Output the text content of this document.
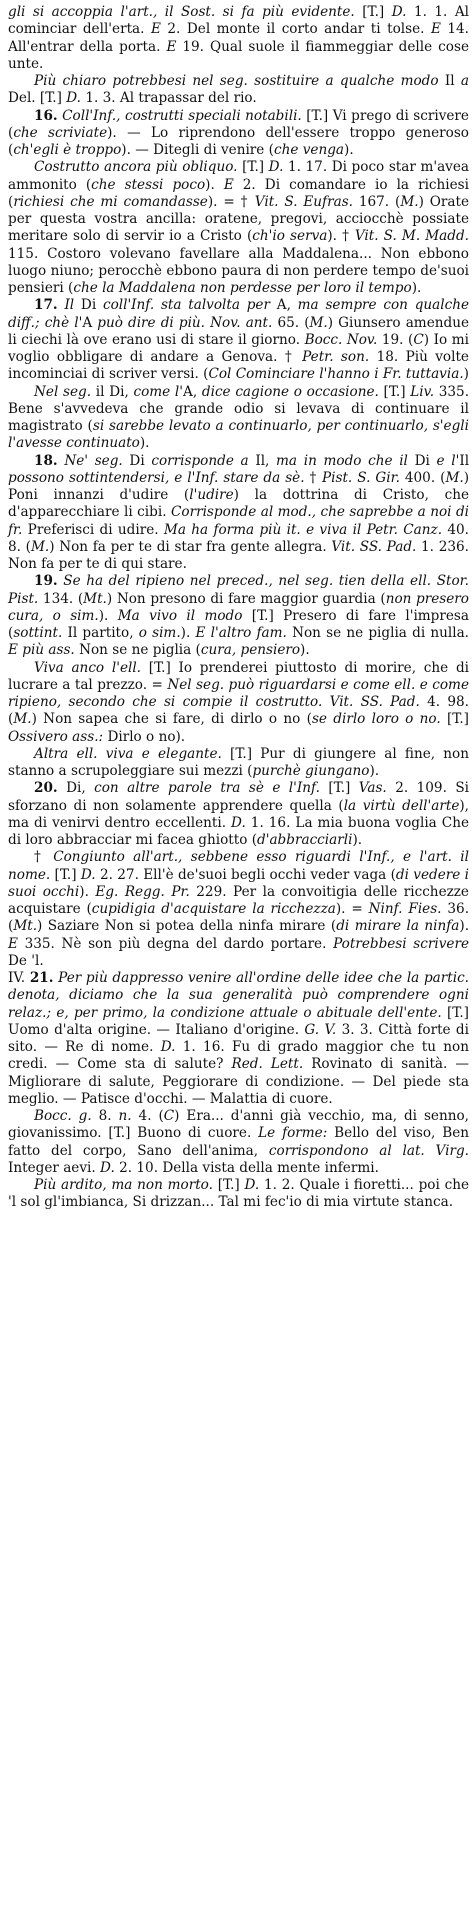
gli si accoppia l'art., il Sost. si fa più evidente. [T.] D. 1. 1. Al cominciar dell'erta. E 2. Del monte il corto andar ti tolse. E 14. All'entrar della porta. E 19. Qual suole il fiammeggiar delle cose unte.

Più chiaro potrebbesi nel seg. sostituire a qualche modo Il a Del. [T.] D. 1. 3. Al trapassar del rio.

16. Coll'Inf., costrutti speciali notabili. [T.] Vi prego di scrivere (che scriviate). — Lo riprendono dell'essere troppo generoso (ch'egli è troppo). — Ditegli di venire (che venga).

Costrutto ancora più obliquo. [T.] D. 1. 17. Di poco star m'avea ammonito (che stessi poco). E 2. Di comandare io la richiesi (richiesi che mi comandasse). = † Vit. S. Eufras. 167. (M.) Orate per questa vostra ancilla: oratene, pregovi, acciocchè possiate meritare solo di servir io a Cristo (ch'io serva). † Vit. S. M. Madd. 115. Costoro volevano favellare alla Maddalena... Non ebbono luogo niuno; perocchè ebbono paura di non perdere tempo de'suoi pensieri (che la Maddalena non perdesse per loro il tempo).

17. Il Di coll'Inf. sta talvolta per A, ma sempre con qualche diff.; chè l'A può dire di più. Nov. ant. 65. (M.) Giunsero amendue li ciechi là ove erano usi di stare il giorno. Bocc. Nov. 19. (C) Io mi voglio obbligare di andare a Genova. † Petr. son. 18. Più volte incominciai di scriver versi. (Col Cominciare l'hanno i Fr. tuttavia.)

Nel seg. il Di, come l'A, dice cagione o occasione. [T.] Liv. 335. Bene s'avvedeva che grande odio si levava di continuare il magistrato (si sarebbe levato a continuarlo, per continuarlo, s'egli l'avesse continuato).

18. Ne' seg. Di corrisponde a Il, ma in modo che il Di e l'Il possono sottintendersi, e l'Inf. stare da sè. † Pist. S. Gir. 400. (M.) Poni innanzi d'udire (l'udire) la dottrina di Cristo, che d'apparecchiare li cibi. Corrisponde al mod., che saprebbe a noi di fr. Preferisci di udire. Ma ha forma più it. e viva il Petr. Canz. 40. 8. (M.) Non fa per te di star fra gente allegra. Vit. SS. Pad. 1. 236. Non fa per te di qui stare.

19. Se ha del ripieno nel preced., nel seg. tien della ell. Stor. Pist. 134. (Mt.) Non presono di fare maggior guardia (non presero cura, o sim.). Ma vivo il modo [T.] Presero di fare l'impresa (sottint. Il partito, o sim.). E l'altro fam. Non se ne piglia di nulla. E più ass. Non se ne piglia (cura, pensiero).

Viva anco l'ell. [T.] Io prenderei piuttosto di morire, che di lucrare a tal prezzo. = Nel seg. può riguardarsi e come ell. e come ripieno, secondo che si compie il costrutto. Vit. SS. Pad. 4. 98. (M.) Non sapea che si fare, di dirlo o no (se dirlo loro o no. [T.] Ossivero ass.: Dirlo o no).

Altra ell. viva e elegante. [T.] Pur di giungere al fine, non stanno a scrupoleggiare sui mezzi (purchè giungano).

20. Di, con altre parole tra sè e l'Inf. [T.] Vas. 2. 109. Si sforzano di non solamente apprendere quella (la virtù dell'arte), ma di venirvi dentro eccellenti. D. 1. 16. La mia buona voglia Che di loro abbracciar mi facea ghiotto (d'abbracciarli).

† Congiunto all'art., sebbene esso riguardi l'Inf., e l'art. il nome. [T.] D. 2. 27. Ell'è de'suoi begli occhi veder vaga (di vedere i suoi occhi). Eg. Regg. Pr. 229. Per la convoitigia delle ricchezze acquistare (cupidigia d'acquistare la ricchezza). = Ninf. Fies. 36. (Mt.) Saziare Non si potea della ninfa mirare (di mirare la ninfa). E 335. Nè son più degna del dardo portare. Potrebbesi scrivere De 'l.

IV. 21. Per più dappresso venire all'ordine delle idee che la partic. denota, diciamo che la sua generalità può comprendere ogni relaz.; e, per primo, la condizione attuale o abituale dell'ente. [T.] Uomo d'alta origine. — Italiano d'origine. G. V. 3. 3. Città forte di sito. — Re di nome. D. 1. 16. Fu di grado maggior che tu non credi. — Come sta di salute? Red. Lett. Rovinato di sanità. — Migliorare di salute, Peggiorare di condizione. — Del piede sta meglio. — Patisce d'occhi. — Malattia di cuore.

Bocc. g. 8. n. 4. (C) Era... d'anni già vecchio, ma, di senno, giovanissimo. [T.] Buono di cuore. Le forme: Bello del viso, Ben fatto del corpo, Sano dell'anima, corrispondono al lat. Virg. Integer aevi. D. 2. 10. Della vista della mente infermi.

Più ardito, ma non morto. [T.] D. 1. 2. Quale i fioretti... poi che 'l sol gl'imbianca, Si drizzan... Tal mi fec'io di mia virtute stanca.
